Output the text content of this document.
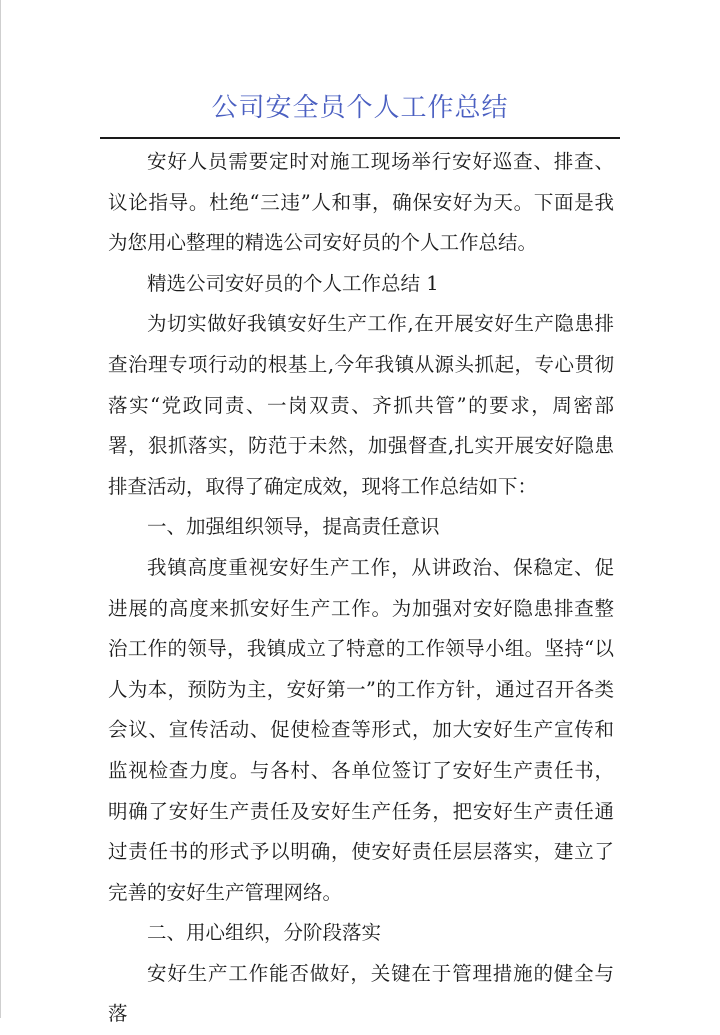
公司安全员个人工作总结

安好人员需要定时对施工现场举行安好巡查、排查、议论指导。杜绝“三违”人和事，确保安好为天。下面是我为您用心整理的精选公司安好员的个人工作总结。

精选公司安好员的个人工作总结 1

为切实做好我镇安好生产工作,在开展安好生产隐患排查治理专项行动的根基上,今年我镇从源头抓起，专心贯彻落实“党政同责、一岗双责、齐抓共管”的要求，周密部署，狠抓落实，防范于未然，加强督查,扎实开展安好隐患排查活动，取得了确定成效，现将工作总结如下：

一、加强组织领导，提高责任意识

我镇高度重视安好生产工作，从讲政治、保稳定、促进展的高度来抓安好生产工作。为加强对安好隐患排查整治工作的领导，我镇成立了特意的工作领导小组。坚持“以人为本，预防为主，安好第一”的工作方针，通过召开各类会议、宣传活动、促使检查等形式，加大安好生产宣传和监视检查力度。与各村、各单位签订了安好生产责任书，明确了安好生产责任及安好生产任务，把安好生产责任通过责任书的形式予以明确，使安好责任层层落实，建立了完善的安好生产管理网络。

二、用心组织，分阶段落实

安好生产工作能否做好，关键在于管理措施的健全与落
